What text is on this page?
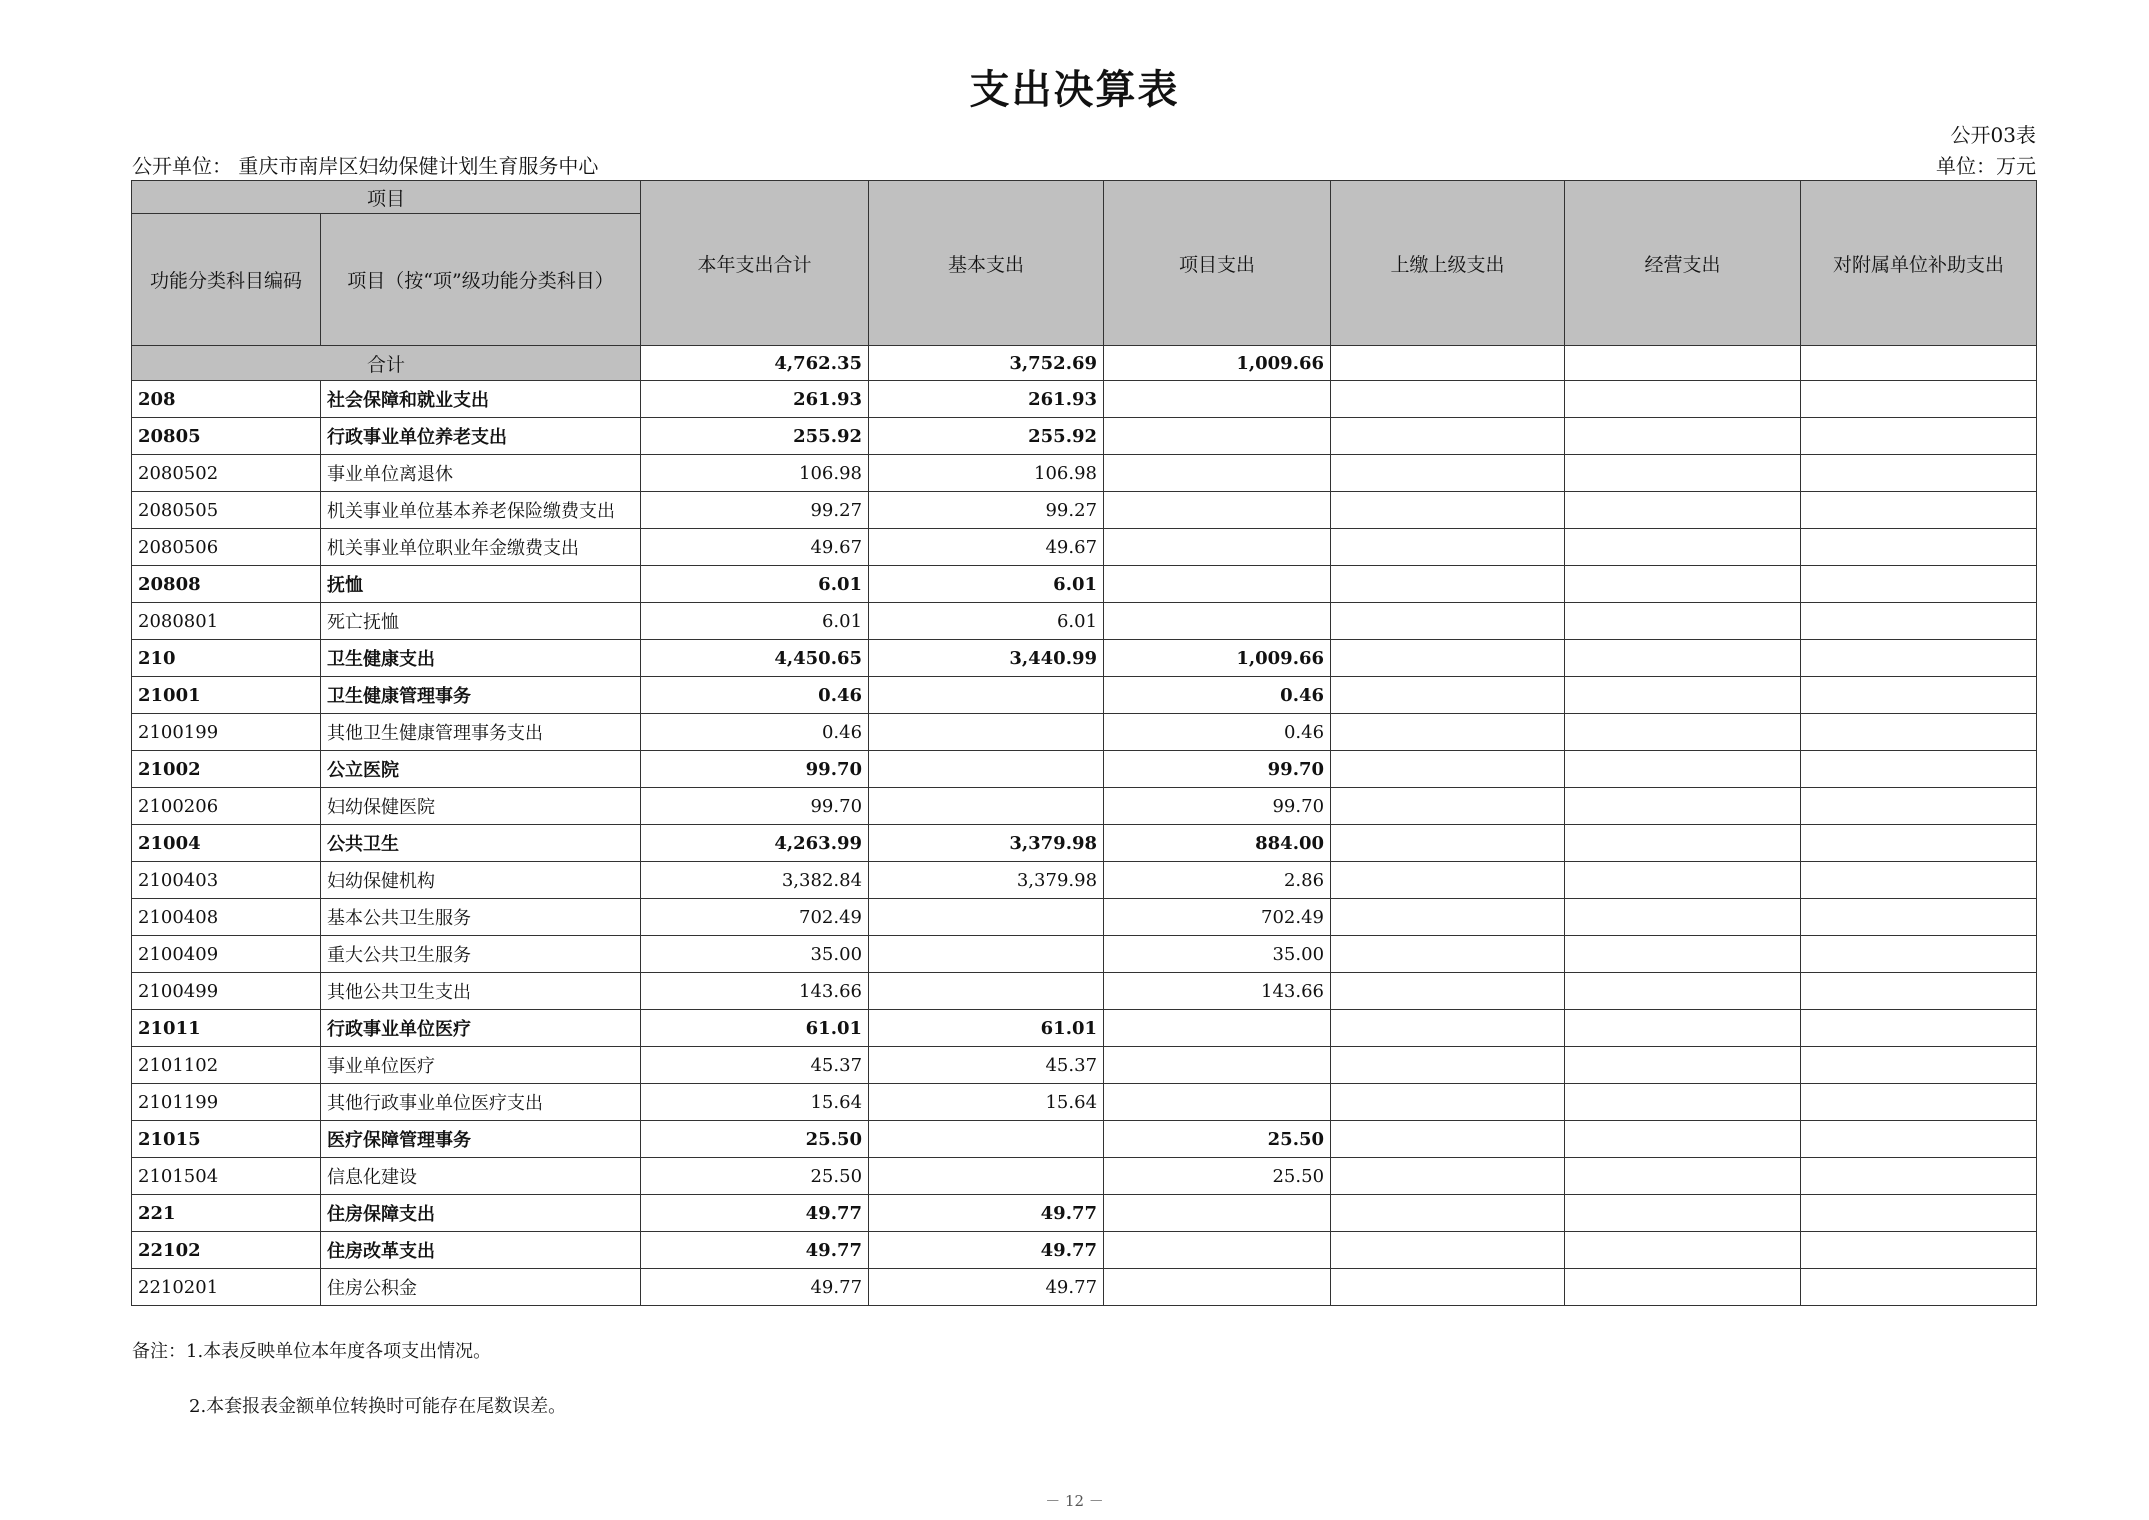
支出决算表
公开03表
公开单位： 重庆市南岸区妇幼保健计划生育服务中心	单位：万元
项目		本年支出合计	基本支出	项目支出	上缴上级支出	经营支出	对附属单位补助支出
功能分类科目编码	项目（按“项”级功能分类科目）						
合计		4,762.35	3,752.69	1,009.66			
208	社会保障和就业支出	261.93	261.93				
20805	行政事业单位养老支出	255.92	255.92				
2080502	事业单位离退休	106.98	106.98				
2080505	机关事业单位基本养老保险缴费支出	99.27	99.27				
2080506	机关事业单位职业年金缴费支出	49.67	49.67				
20808	抚恤	6.01	6.01				
2080801	死亡抚恤	6.01	6.01				
210	卫生健康支出	4,450.65	3,440.99	1,009.66			
21001	卫生健康管理事务	0.46		0.46			
2100199	其他卫生健康管理事务支出	0.46		0.46			
21002	公立医院	99.70		99.70			
2100206	妇幼保健医院	99.70		99.70			
21004	公共卫生	4,263.99	3,379.98	884.00			
2100403	妇幼保健机构	3,382.84	3,379.98	2.86			
2100408	基本公共卫生服务	702.49		702.49			
2100409	重大公共卫生服务	35.00		35.00			
2100499	其他公共卫生支出	143.66		143.66			
21011	行政事业单位医疗	61.01	61.01				
2101102	事业单位医疗	45.37	45.37				
2101199	其他行政事业单位医疗支出	15.64	15.64				
21015	医疗保障管理事务	25.50		25.50			
2101504	信息化建设	25.50		25.50			
221	住房保障支出	49.77	49.77				
22102	住房改革支出	49.77	49.77				
2210201	住房公积金	49.77	49.77				
备注：1.本表反映单位本年度各项支出情况。
2.本套报表金额单位转换时可能存在尾数误差。
－ 12 －
